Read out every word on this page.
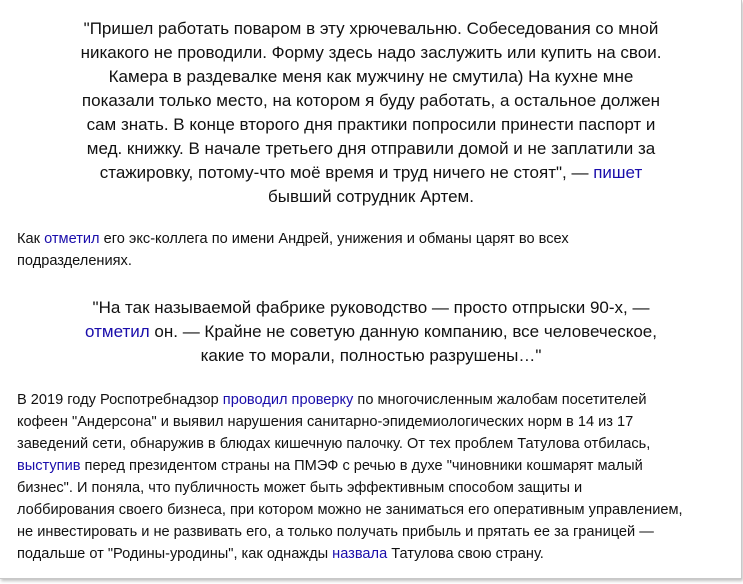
"Пришел работать поваром в эту хрючевальню. Собеседования со мной
никакого не проводили. Форму здесь надо заслужить или купить на свои.
Камера в раздевалке меня как мужчину не смутила) На кухне мне
показали только место, на котором я буду работать, а остальное должен
сам знать. В конце второго дня практики попросили принести паспорт и
мед. книжку. В начале третьего дня отправили домой и не заплатили за
стажировку, потому-что моё время и труд ничего не стоят", — пишет
бывший сотрудник Артем.

Как отметил его экс-коллега по имени Андрей, унижения и обманы царят во всех
подразделениях.

"На так называемой фабрике руководство — просто отпрыски 90-х, —
отметил он. — Крайне не советую данную компанию, все человеческое,
какие то морали, полностью разрушены…"

В 2019 году Роспотребнадзор проводил проверку по многочисленным жалобам посетителей
кофеен "Андерсона" и выявил нарушения санитарно-эпидемиологических норм в 14 из 17
заведений сети, обнаружив в блюдах кишечную палочку. От тех проблем Татулова отбилась,
выступив перед президентом страны на ПМЭФ с речью в духе "чиновники кошмарят малый
бизнес". И поняла, что публичность может быть эффективным способом защиты и
лоббирования своего бизнеса, при котором можно не заниматься его оперативным управлением,
не инвестировать и не развивать его, а только получать прибыль и прятать ее за границей —
подальше от "Родины-уродины", как однажды назвала Татулова свою страну.
